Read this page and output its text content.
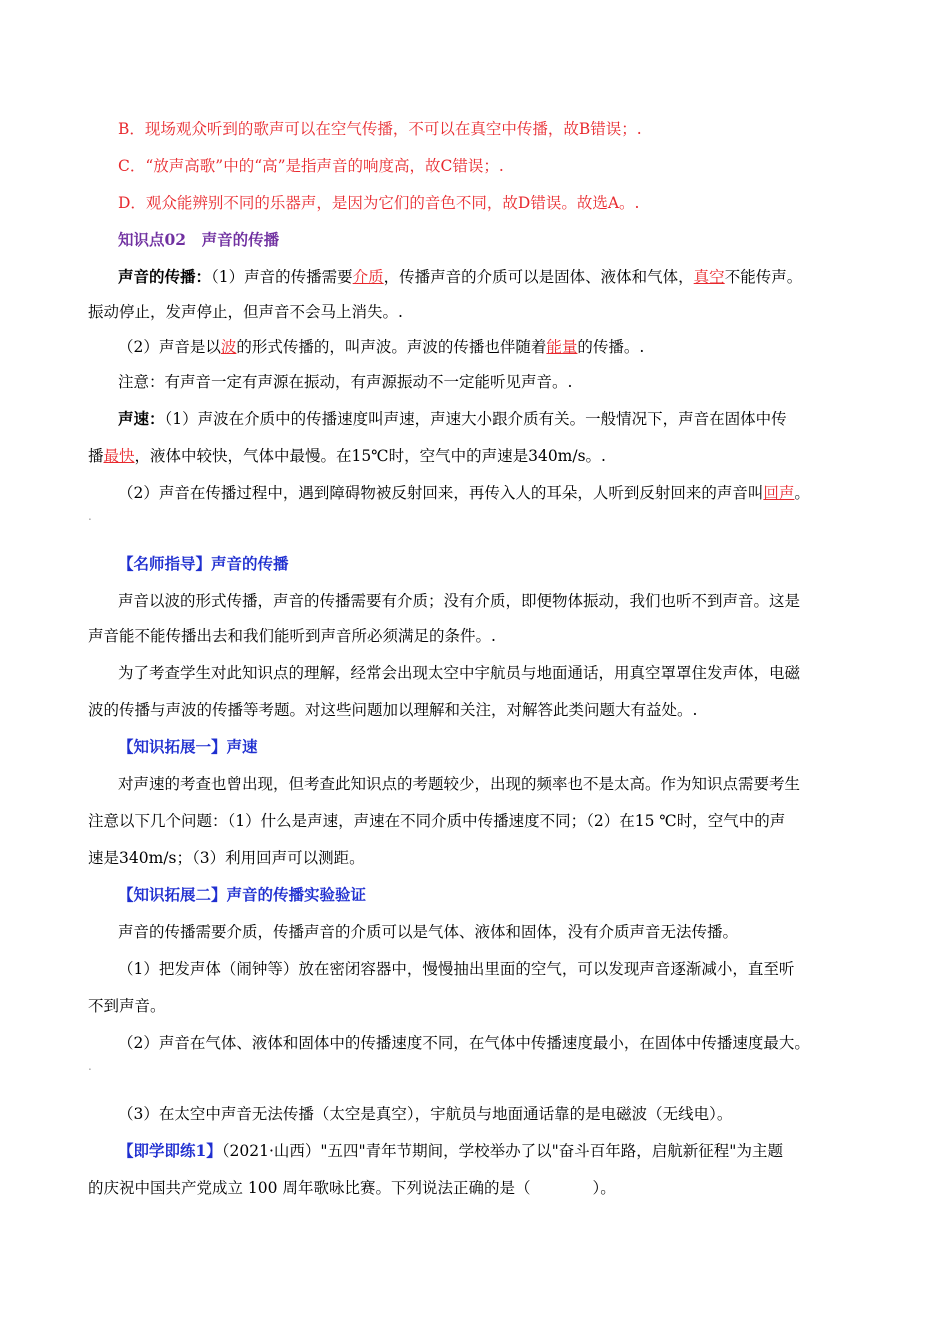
B．现场观众听到的歌声可以在空气传播，不可以在真空中传播，故B错误；.
C．“放声高歌”中的“高”是指声音的响度高，故C错误；.
D．观众能辨别不同的乐器声，是因为它们的音色不同，故D错误。故选A。.
知识点02　声音的传播
声音的传播：（1）声音的传播需要介质，传播声音的介质可以是固体、液体和气体，真空不能传声。
振动停止，发声停止，但声音不会马上消失。.
（2）声音是以波的形式传播的，叫声波。声波的传播也伴随着能量的传播。.
注意：有声音一定有声源在振动，有声源振动不一定能听见声音。.
声速：（1）声波在介质中的传播速度叫声速，声速大小跟介质有关。一般情况下，声音在固体中传
播最快，液体中较快，气体中最慢。在15℃时，空气中的声速是340m/s。.
（2）声音在传播过程中，遇到障碍物被反射回来，再传入人的耳朵，人听到反射回来的声音叫回声。
.
【名师指导】声音的传播
声音以波的形式传播，声音的传播需要有介质；没有介质，即便物体振动，我们也听不到声音。这是
声音能不能传播出去和我们能听到声音所必须满足的条件。.
为了考查学生对此知识点的理解，经常会出现太空中宇航员与地面通话，用真空罩罩住发声体，电磁
波的传播与声波的传播等考题。对这些问题加以理解和关注，对解答此类问题大有益处。.
【知识拓展一】声速
对声速的考查也曾出现，但考查此知识点的考题较少，出现的频率也不是太高。作为知识点需要考生
注意以下几个问题：（1）什么是声速，声速在不同介质中传播速度不同；（2）在15 ℃时，空气中的声
速是340m/s；（3）利用回声可以测距。
【知识拓展二】声音的传播实验验证
声音的传播需要介质，传播声音的介质可以是气体、液体和固体，没有介质声音无法传播。
（1）把发声体（闹钟等）放在密闭容器中，慢慢抽出里面的空气，可以发现声音逐渐减小，直至听
不到声音。
（2）声音在气体、液体和固体中的传播速度不同，在气体中传播速度最小，在固体中传播速度最大。
.
（3）在太空中声音无法传播（太空是真空），宇航员与地面通话靠的是电磁波（无线电）。
【即学即练1】（2021·山西）"五四"青年节期间，学校举办了以"奋斗百年路，启航新征程"为主题
的庆祝中国共产党成立 100 周年歌咏比赛。下列说法正确的是（　　　　）。
